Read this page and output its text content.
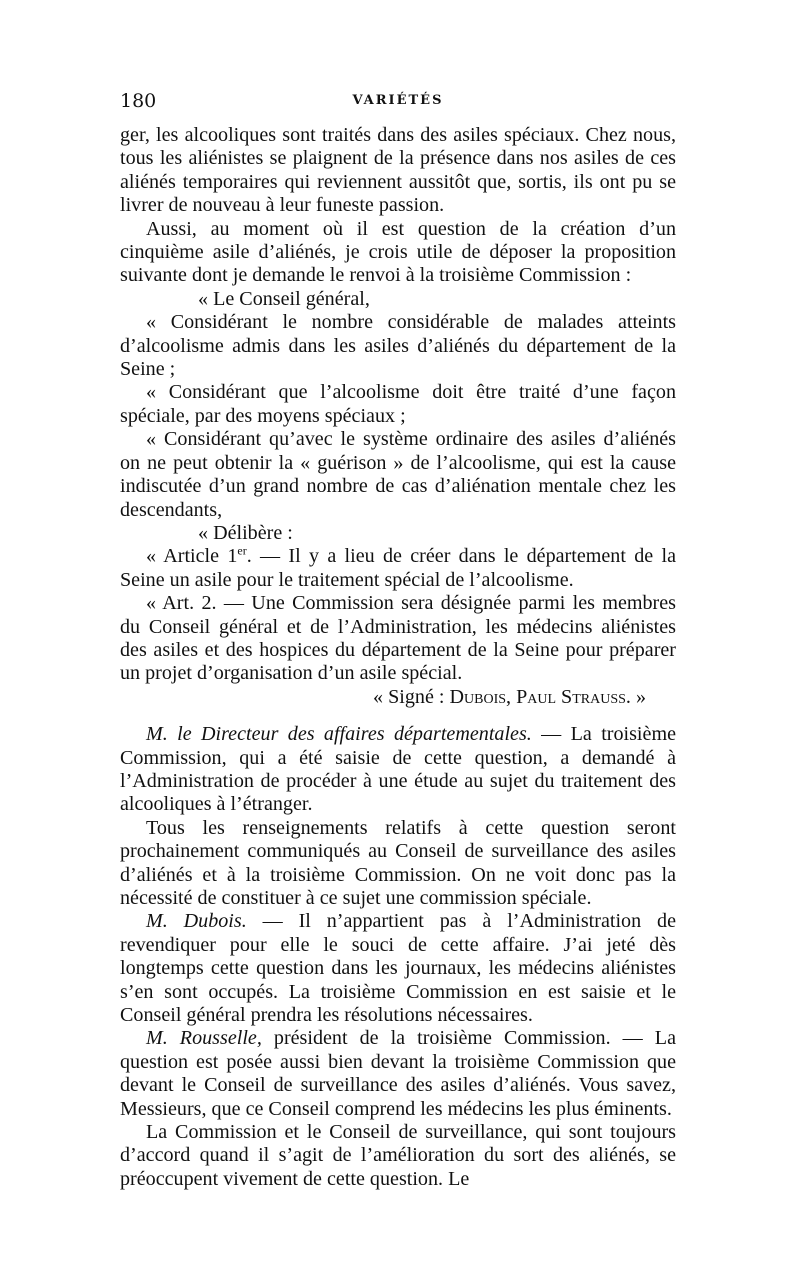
180	VARIÉTÉS

ger, les alcooliques sont traités dans des asiles spéciaux. Chez nous, tous les aliénistes se plaignent de la présence dans nos asiles de ces aliénés temporaires qui reviennent aussitôt que, sortis, ils ont pu se livrer de nouveau à leur funeste passion.

Aussi, au moment où il est question de la création d’un cinquième asile d’aliénés, je crois utile de déposer la proposition suivante dont je demande le renvoi à la troisième Commission :

« Le Conseil général,

« Considérant le nombre considérable de malades atteints d’alcoolisme admis dans les asiles d’aliénés du département de la Seine ;

« Considérant que l’alcoolisme doit être traité d’une façon spéciale, par des moyens spéciaux ;

« Considérant qu’avec le système ordinaire des asiles d’aliénés on ne peut obtenir la « guérison » de l’alcoolisme, qui est la cause indiscutée d’un grand nombre de cas d’aliénation mentale chez les descendants,

« Délibère :

« Article 1er. — Il y a lieu de créer dans le département de la Seine un asile pour le traitement spécial de l’alcoolisme.

« Art. 2. — Une Commission sera désignée parmi les membres du Conseil général et de l’Administration, les médecins aliénistes des asiles et des hospices du département de la Seine pour préparer un projet d’organisation d’un asile spécial.

« Signé : Dubois, Paul Strauss. »

M. le Directeur des affaires départementales. — La troisième Commission, qui a été saisie de cette question, a demandé à l’Administration de procéder à une étude au sujet du traitement des alcooliques à l’étranger.

Tous les renseignements relatifs à cette question seront prochainement communiqués au Conseil de surveillance des asiles d’aliénés et à la troisième Commission. On ne voit donc pas la nécessité de constituer à ce sujet une commission spéciale.

M. Dubois. — Il n’appartient pas à l’Administration de revendiquer pour elle le souci de cette affaire. J’ai jeté dès longtemps cette question dans les journaux, les médecins aliénistes s’en sont occupés. La troisième Commission en est saisie et le Conseil général prendra les résolutions nécessaires.

M. Rousselle, président de la troisième Commission. — La question est posée aussi bien devant la troisième Commission que devant le Conseil de surveillance des asiles d’aliénés. Vous savez, Messieurs, que ce Conseil comprend les médecins les plus éminents.

La Commission et le Conseil de surveillance, qui sont toujours d’accord quand il s’agit de l’amélioration du sort des aliénés, se préoccupent vivement de cette question. Le
